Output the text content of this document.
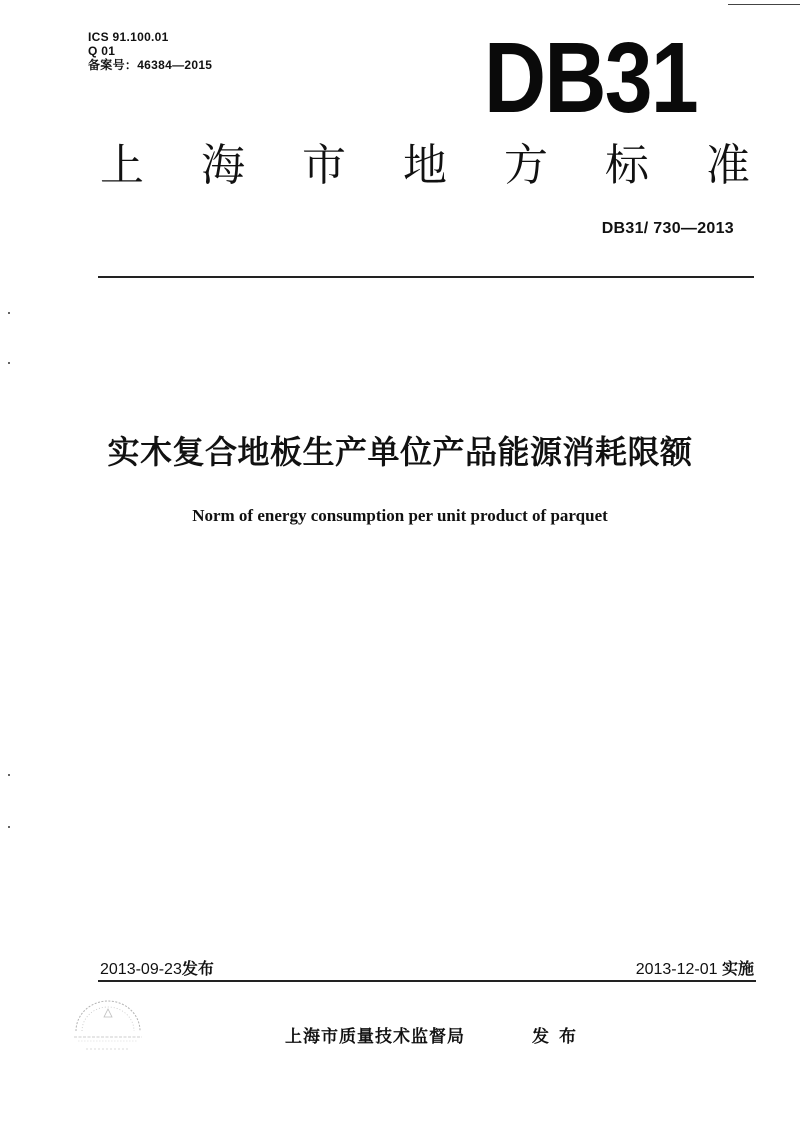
ICS 91.100.01
Q 01
备案号：46384—2015	DB31
上 海 市 地 方 标 准
DB31/ 730—2013
实木复合地板生产单位产品能源消耗限额
Norm of energy consumption per unit product of parquet
2013-09-23发布	2013-12-01 实施
上海市质量技术监督局	发布
